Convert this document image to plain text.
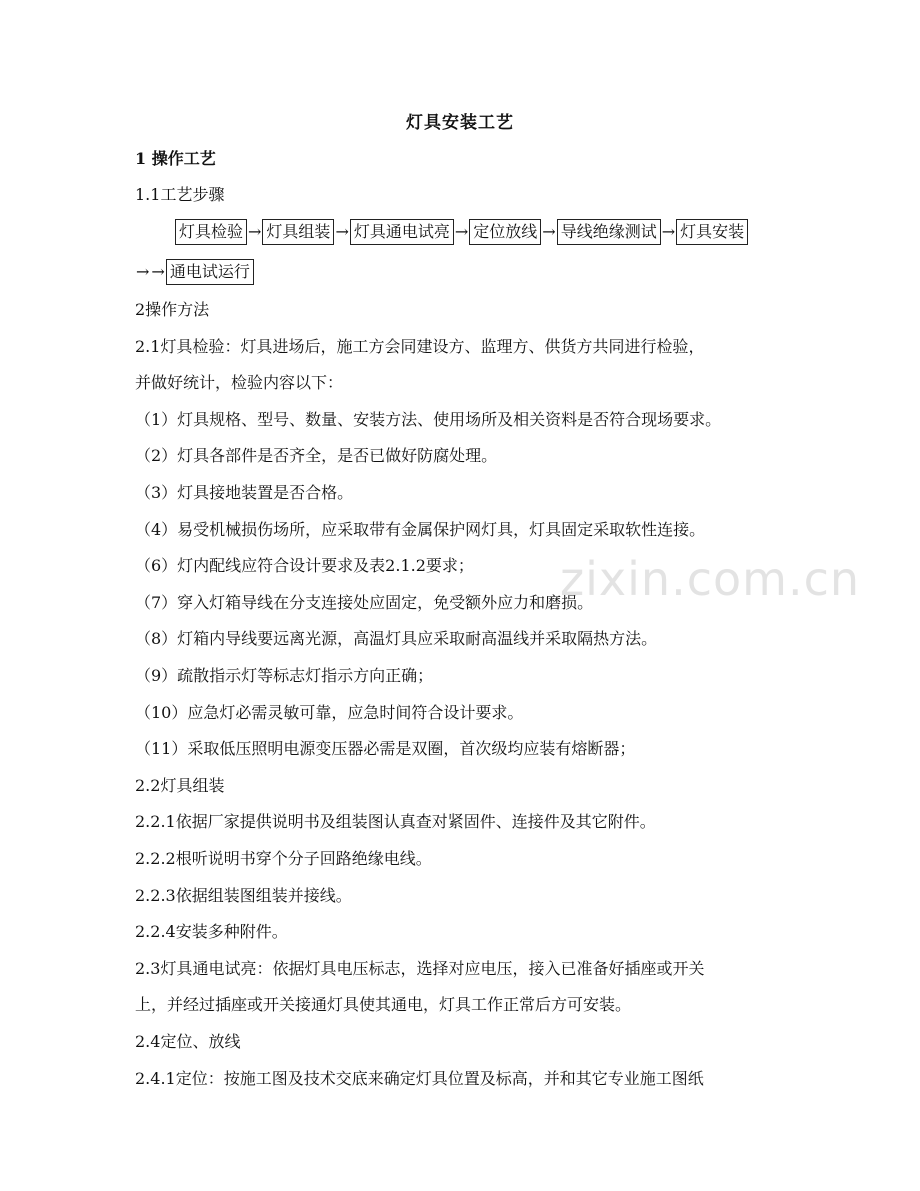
灯具安装工艺
1 操作工艺
1.1工艺步骤
灯具检验 → 灯具组装 → 灯具通电试亮 → 定位放线 → 导线绝缘测试 → 灯具安装
→ → 通电试运行
2操作方法
2.1灯具检验：灯具进场后，施工方会同建设方、监理方、供货方共同进行检验，
并做好统计，检验内容以下：
（1）灯具规格、型号、数量、安装方法、使用场所及相关资料是否符合现场要求。
（2）灯具各部件是否齐全，是否已做好防腐处理。
（3）灯具接地装置是否合格。
（4）易受机械损伤场所，应采取带有金属保护网灯具，灯具固定采取软性连接。
（6）灯内配线应符合设计要求及表2.1.2要求；
（7）穿入灯箱导线在分支连接处应固定，免受额外应力和磨损。
（8）灯箱内导线要远离光源，高温灯具应采取耐高温线并采取隔热方法。
（9）疏散指示灯等标志灯指示方向正确；
（10）应急灯必需灵敏可靠，应急时间符合设计要求。
（11）采取低压照明电源变压器必需是双圈，首次级均应装有熔断器；
2.2灯具组装
2.2.1依据厂家提供说明书及组装图认真查对紧固件、连接件及其它附件。
2.2.2根听说明书穿个分子回路绝缘电线。
2.2.3依据组装图组装并接线。
2.2.4安装多种附件。
2.3灯具通电试亮：依据灯具电压标志，选择对应电压，接入已准备好插座或开关
上，并经过插座或开关接通灯具使其通电，灯具工作正常后方可安装。
2.4定位、放线
2.4.1定位：按施工图及技术交底来确定灯具位置及标高，并和其它专业施工图纸
zixin.com.cn
